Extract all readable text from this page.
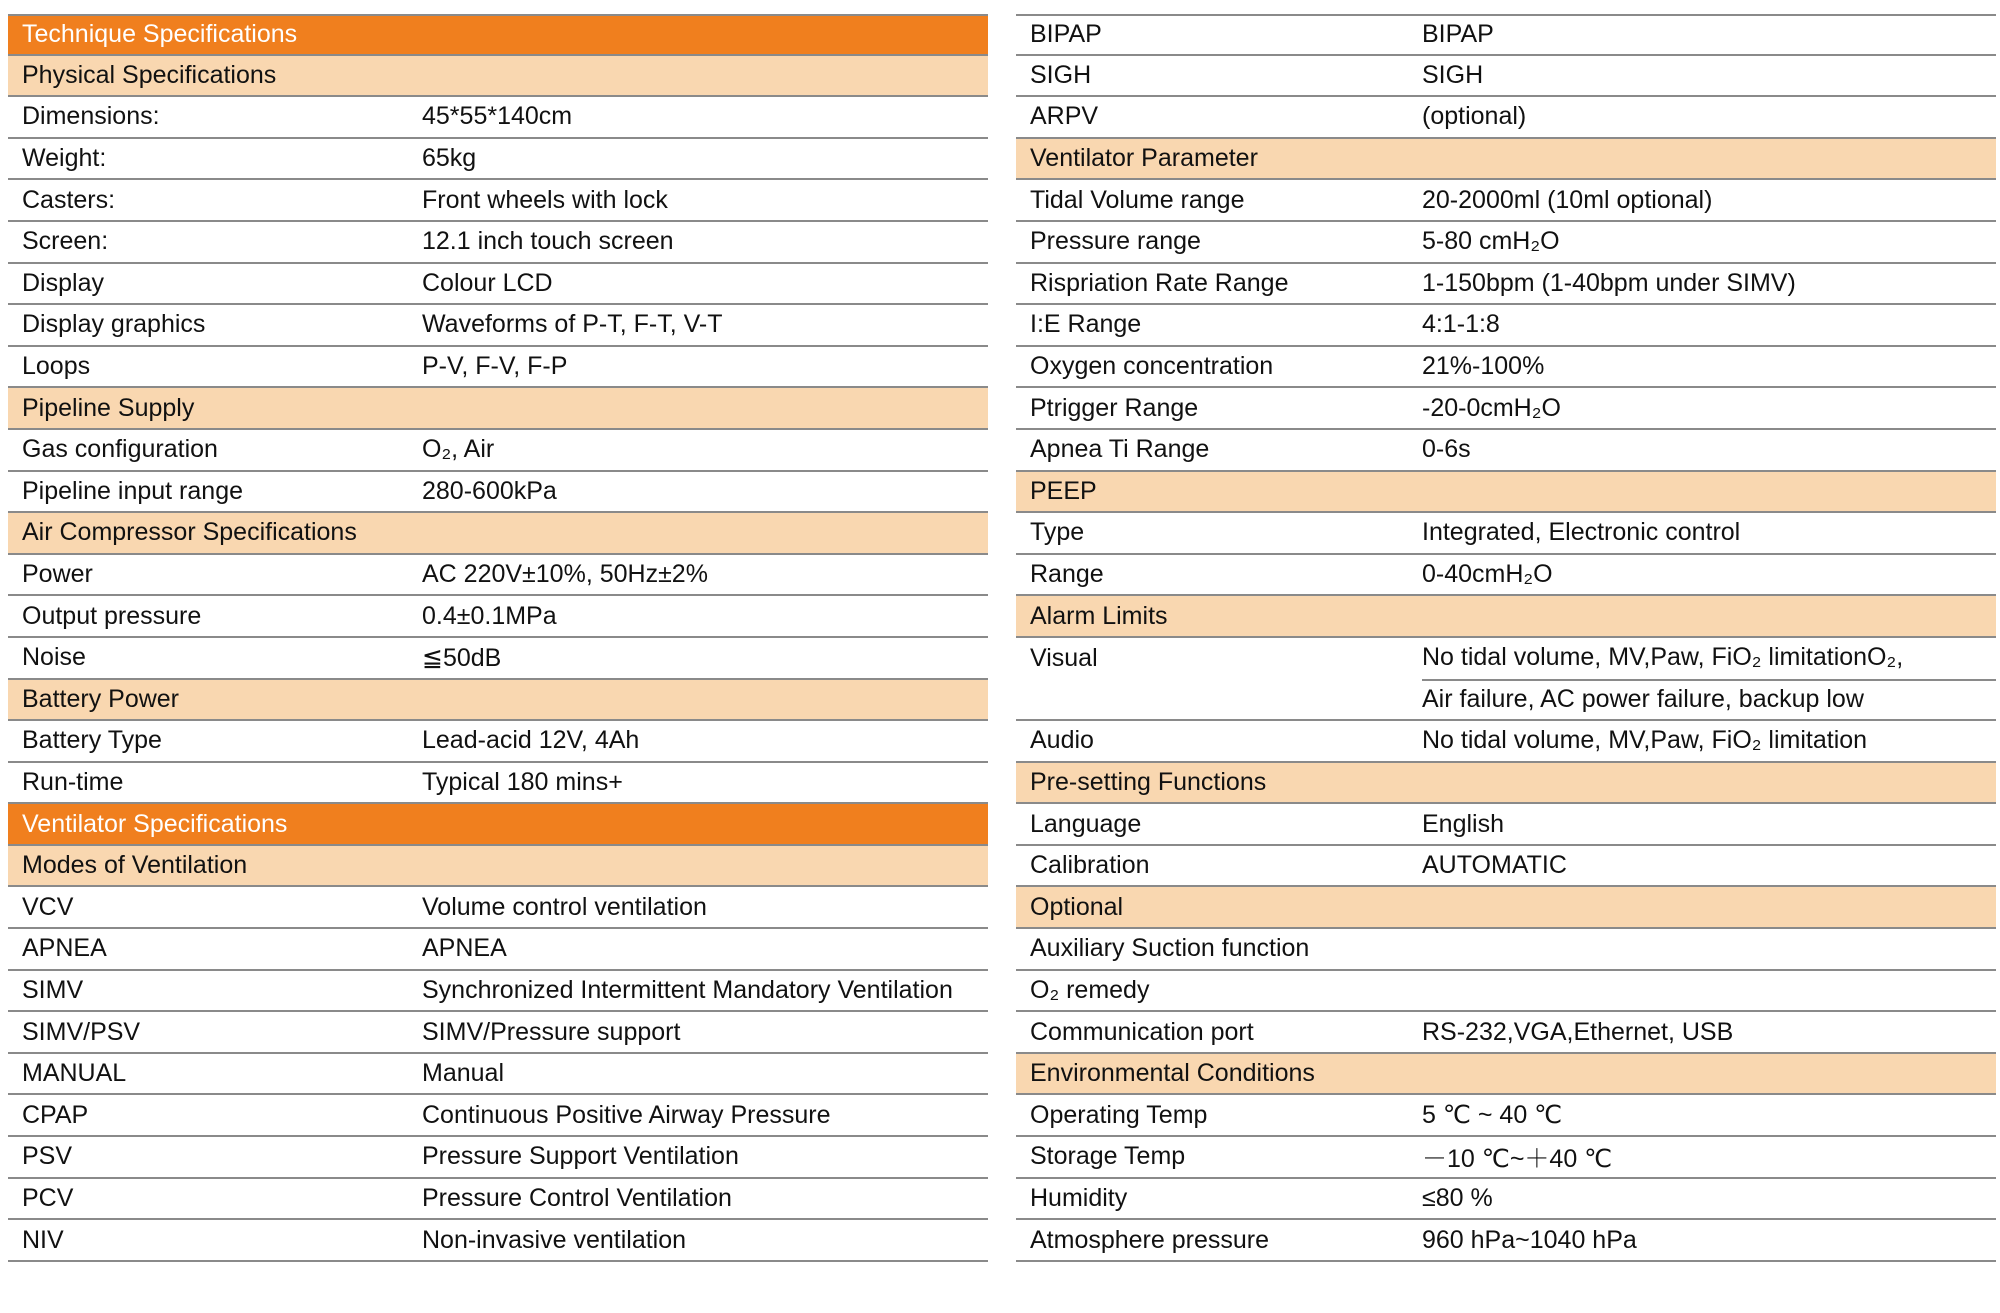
Technique Specifications
Physical Specifications
Dimensions:	45*55*140cm
Weight:	65kg
Casters:	Front wheels with lock
Screen:	12.1 inch touch screen
Display	Colour LCD
Display graphics	Waveforms of P-T, F-T, V-T
Loops	P-V, F-V, F-P
Pipeline Supply
Gas configuration	O₂, Air
Pipeline input range	280-600kPa
Air Compressor Specifications
Power	AC 220V±10%, 50Hz±2%
Output pressure	0.4±0.1MPa
Noise	≦50dB
Battery Power
Battery Type	Lead-acid 12V, 4Ah
Run-time	Typical 180 mins+
Ventilator Specifications
Modes of Ventilation
VCV	Volume control ventilation
APNEA	APNEA
SIMV	Synchronized Intermittent Mandatory Ventilation
SIMV/PSV	SIMV/Pressure support
MANUAL	Manual
CPAP	Continuous Positive Airway Pressure
PSV	Pressure Support Ventilation
PCV	Pressure Control Ventilation
NIV	Non-invasive ventilation
BIPAP	BIPAP
SIGH	SIGH
ARPV	(optional)
Ventilator Parameter
Tidal Volume range	20-2000ml (10ml optional)
Pressure range	5-80 cmH₂O
Rispriation Rate Range	1-150bpm (1-40bpm under SIMV)
I:E Range	4:1-1:8
Oxygen concentration	21%-100%
Ptrigger Range	-20-0cmH₂O
Apnea Ti Range	0-6s
PEEP
Type	Integrated, Electronic control
Range	0-40cmH₂O
Alarm Limits
Visual	No tidal volume, MV,Paw, FiO₂ limitationO₂,
Air failure, AC power failure, backup low
Audio	No tidal volume, MV,Paw, FiO₂ limitation
Pre-setting Functions
Language	English
Calibration	AUTOMATIC
Optional
Auxiliary Suction function
O₂ remedy
Communication port	RS-232,VGA,Ethernet, USB
Environmental Conditions
Operating Temp	5 ℃ ~ 40 ℃
Storage Temp	－10 ℃~＋40 ℃
Humidity	≤80 %
Atmosphere pressure	960 hPa~1040 hPa
